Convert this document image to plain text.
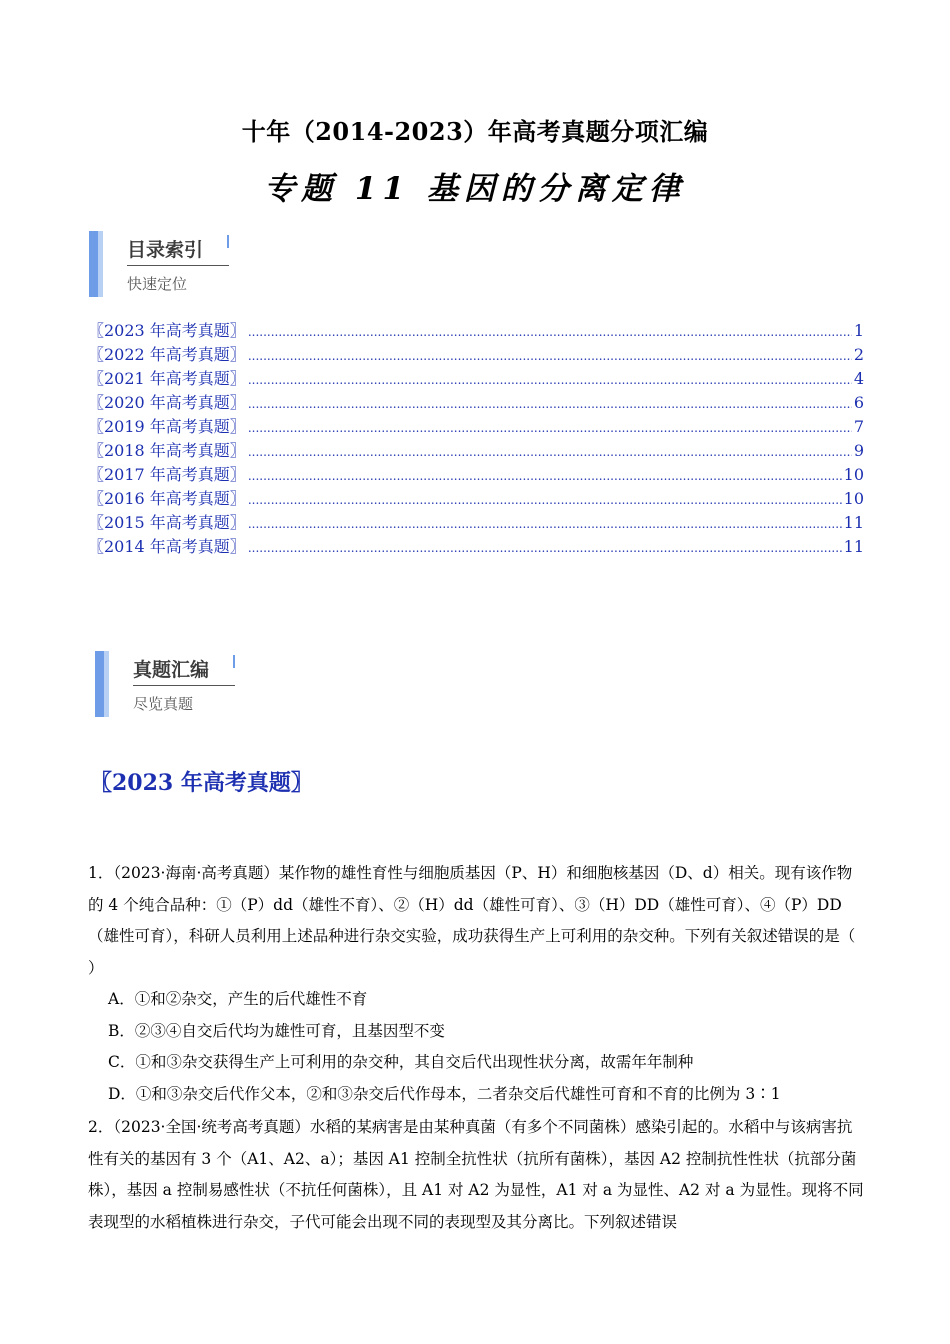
十年（2014-2023）年高考真题分项汇编
专题 11 基因的分离定律
目录索引
快速定位
〖2023 年高考真题〗 .....	1
〖2022 年高考真题〗 .....	2
〖2021 年高考真题〗 .....	4
〖2020 年高考真题〗 .....	6
〖2019 年高考真题〗 .....	7
〖2018 年高考真题〗 .....	9
〖2017 年高考真题〗 .....	10
〖2016 年高考真题〗 .....	10
〖2015 年高考真题〗 .....	11
〖2014 年高考真题〗 .....	11
真题汇编
尽览真题
〖2023 年高考真题〗

1．（2023·海南·高考真题）某作物的雄性育性与细胞质基因（P、H）和细胞核基因（D、d）相关。现有该作物的 4 个纯合品种：①（P）dd（雄性不育）、②（H）dd（雄性可育）、③（H）DD（雄性可育）、④（P）DD（雄性可育），科研人员利用上述品种进行杂交实验，成功获得生产上可利用的杂交种。下列有关叙述错误的是（ ）

A．①和②杂交，产生的后代雄性不育

B．②③④自交后代均为雄性可育，且基因型不变

C．①和③杂交获得生产上可利用的杂交种，其自交后代出现性状分离，故需年年制种

D．①和③杂交后代作父本，②和③杂交后代作母本，二者杂交后代雄性可育和不育的比例为 3∶1

2．（2023·全国·统考高考真题）水稻的某病害是由某种真菌（有多个不同菌株）感染引起的。水稻中与该病害抗性有关的基因有 3 个（A1、A2、a）；基因 A1 控制全抗性状（抗所有菌株），基因 A2 控制抗性性状（抗部分菌株），基因 a 控制易感性状（不抗任何菌株），且 A1 对 A2 为显性，A1 对 a 为显性、A2 对 a 为显性。现将不同表现型的水稻植株进行杂交，子代可能会出现不同的表现型及其分离比。下列叙述错误
